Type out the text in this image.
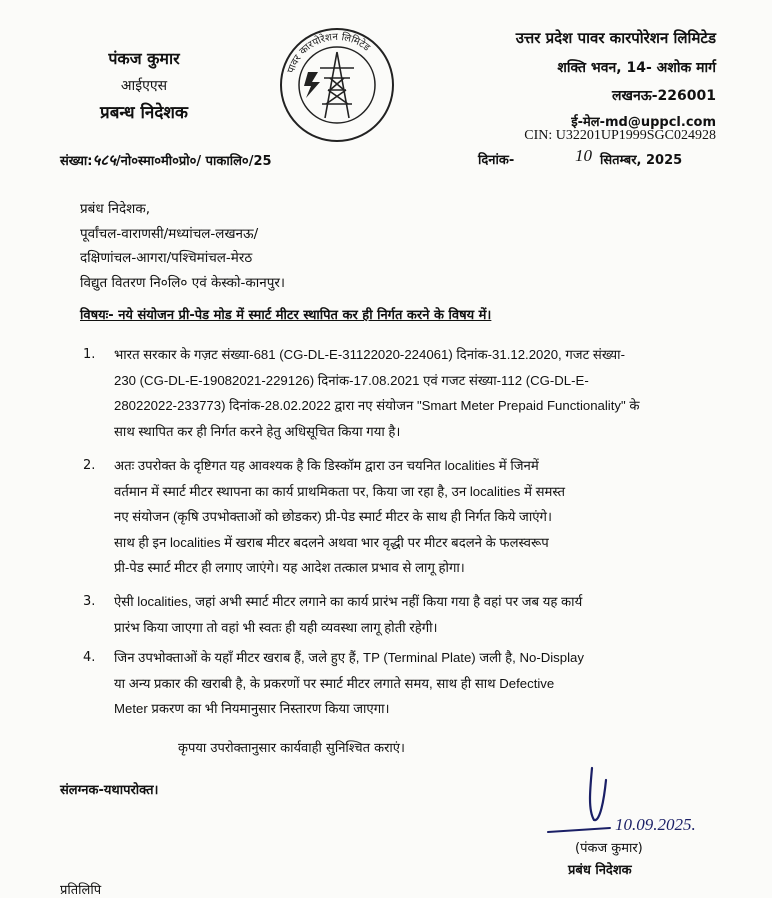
पंकज कुमार
आईएएस
प्रबन्ध निदेशक
पावर कारपोरेशन लिमिटेड
उत्तर प्रदेश पावर कारपोरेशन लिमिटेड
शक्ति भवन, 14- अशोक मार्ग
लखनऊ-226001
ई-मेल-md@uppcl.com
CIN: U32201UP1999SGC024928
संख्या:५८५/नो०स्मा०मी०प्रो०/ पाकालि०/25	दिनांक-	10 सितम्बर, 2025
प्रबंध निदेशक,
पूर्वांचल-वाराणसी/मध्यांचल-लखनऊ/
दक्षिणांचल-आगरा/पश्चिमांचल-मेरठ
विद्युत वितरण नि०लि० एवं केस्को-कानपुर।
विषयः- नये संयोजन प्री-पेड मोड में स्मार्ट मीटर स्थापित कर ही निर्गत करने के विषय में।
1. भारत सरकार के गज़ट संख्या-681 (CG-DL-E-31122020-224061) दिनांक-31.12.2020, गजट संख्या-
230 (CG-DL-E-19082021-229126) दिनांक-17.08.2021 एवं गजट संख्या-112 (CG-DL-E-
28022022-233773) दिनांक-28.02.2022 द्वारा नए संयोजन "Smart Meter Prepaid Functionality" के
साथ स्थापित कर ही निर्गत करने हेतु अधिसूचित किया गया है।
2. अतः उपरोक्त के दृष्टिगत यह आवश्यक है कि डिस्कॉम द्वारा उन चयनित localities में जिनमें
वर्तमान में स्मार्ट मीटर स्थापना का कार्य प्राथमिकता पर, किया जा रहा है, उन localities में समस्त
नए संयोजन (कृषि उपभोक्ताओं को छोडकर) प्री-पेड स्मार्ट मीटर के साथ ही निर्गत किये जाएंगे।
साथ ही इन localities में खराब मीटर बदलने अथवा भार वृद्धी पर मीटर बदलने के फलस्वरूप
प्री-पेड स्मार्ट मीटर ही लगाए जाएंगे। यह आदेश तत्काल प्रभाव से लागू होगा।
3. ऐसी localities, जहां अभी स्मार्ट मीटर लगाने का कार्य प्रारंभ नहीं किया गया है वहां पर जब यह कार्य
प्रारंभ किया जाएगा तो वहां भी स्वतः ही यही व्यवस्था लागू होती रहेगी।
4. जिन उपभोक्ताओं के यहाँ मीटर खराब हैं, जले हुए हैं, TP (Terminal Plate) जली है, No-Display
या अन्य प्रकार की खराबी है, के प्रकरणों पर स्मार्ट मीटर लगाते समय, साथ ही साथ Defective
Meter प्रकरण का भी नियमानुसार निस्तारण किया जाएगा।
कृपया उपरोक्तानुसार कार्यवाही सुनिश्चित कराएं।
संलग्नक-यथापरोक्त।
10.09.2025.
(पंकज कुमार)
प्रबंध निदेशक
प्रतिलिपि
